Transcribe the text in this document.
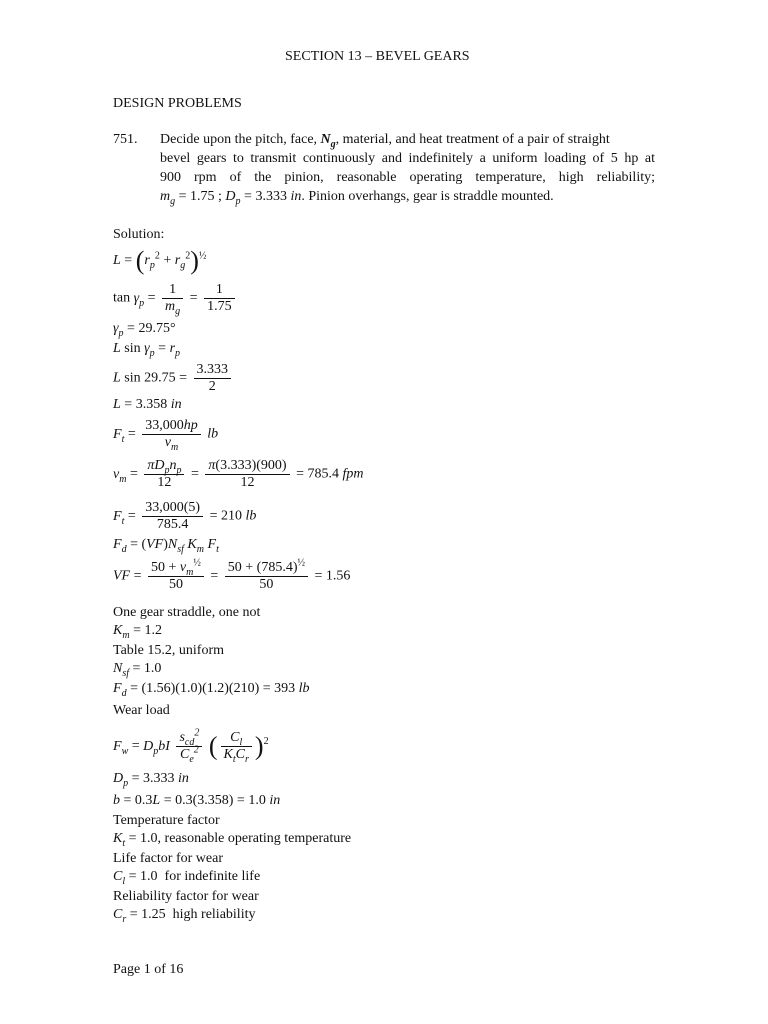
SECTION 13 – BEVEL GEARS
DESIGN PROBLEMS
751. Decide upon the pitch, face, $N_g$, material, and heat treatment of a pair of straight
bevel gears to transmit continuously and indefinitely a uniform loading of 5 hp at
900 rpm of the pinion, reasonable operating temperature, high reliability;
$m_g = 1.75$ ; $D_p = 3.333$ in. Pinion overhangs, gear is straddle mounted.
Solution:
$L = (r_p^2 + r_g^2)^{\frac{1}{2}}$
$\tan \gamma_p = \frac{1}{m_g} = \frac{1}{1.75}$
$\gamma_p = 29.75^\circ$
L $\sin \gamma_p = r_p$
L $\sin 29.75 = \frac{3.333}{2}$
L = 3.358 in
$F_t = \frac{33,000hp}{v_m}$ lb
$v_m = \frac{\pi D_pn_p}{12} = \frac{\pi(3.333)(900)}{12} = 785.4$ fpm
$F_t = \frac{33,000(5)}{785.4} = 210$ lb
$F_d = (VF)N_{sf}$ $K_m$ $F_t$
VF = $\frac{50 + v_m^{\frac{1}{2}}}{50} = \frac{50 + (785.4)^{\frac{1}{2}}}{50} = 1.56$
One gear straddle, one not
$K_m = 1.2$
Table 15.2, uniform
$N_{sf} = 1.0$
$F_d = (1.56)(1.0)(1.2)(210) = 393$ lb
Wear load
$F_w = D_pbI \frac{s_{cd}^2}{C_e^2}$ ( $\frac{C_l}{K_tC_r} )^2$
$D_p = 3.333$ in
b = 0.3L = 0.3(3.358) = 1.0 in
Temperature factor
$K_t = 1.0$, reasonable operating temperature
Life factor for wear
$C_l = 1.0$ for indefinite life
Reliability factor for wear
$C_r = 1.25$ high reliability
Page 1 of 16
